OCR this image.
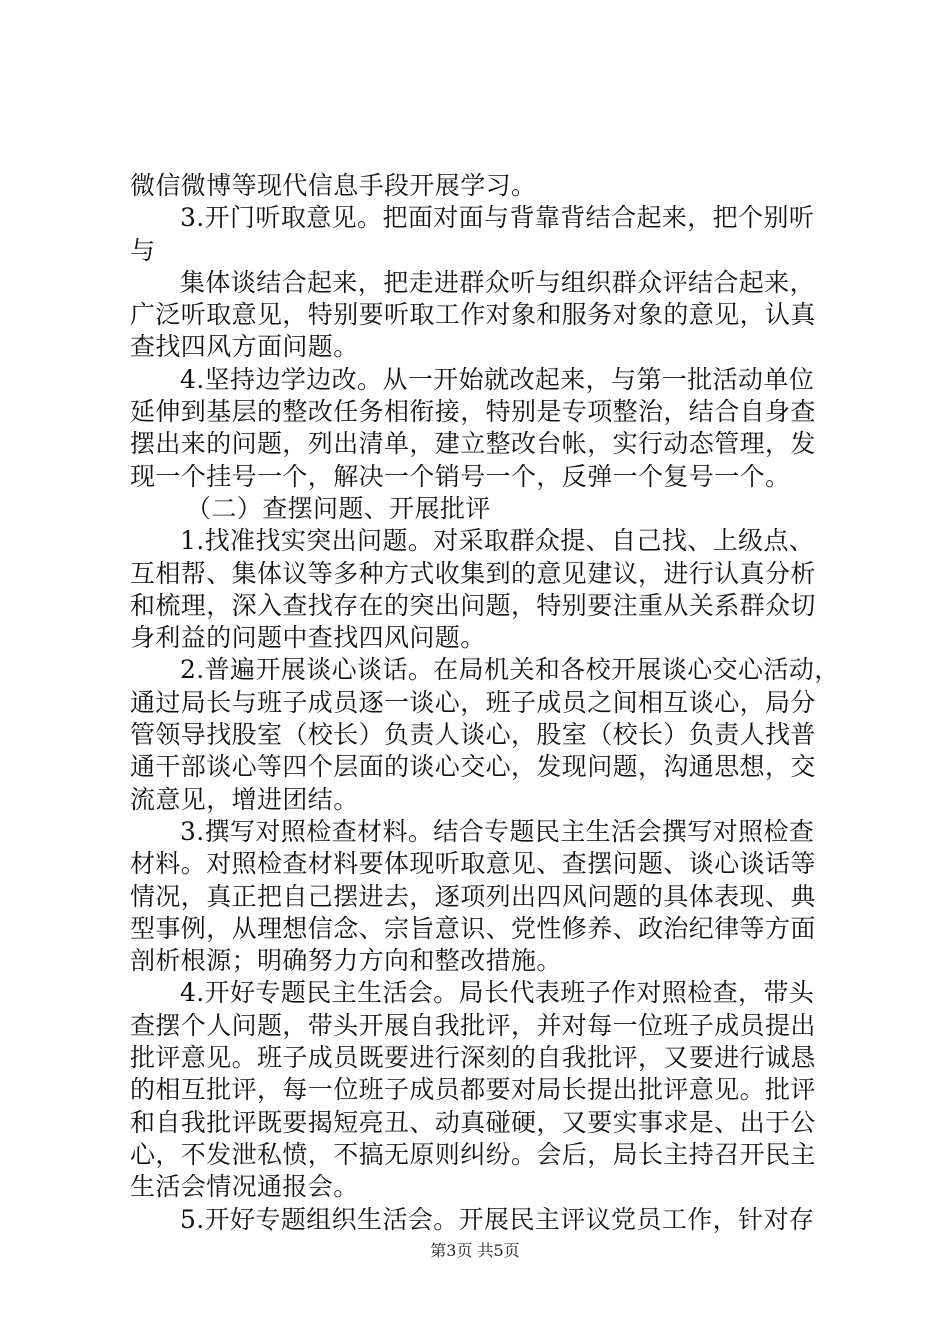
微信微博等现代信息手段开展学习。
3.开门听取意见。把面对面与背靠背结合起来，把个别听
与
集体谈结合起来，把走进群众听与组织群众评结合起来，
广泛听取意见，特别要听取工作对象和服务对象的意见，认真
查找四风方面问题。
4.坚持边学边改。从一开始就改起来，与第一批活动单位
延伸到基层的整改任务相衔接，特别是专项整治，结合自身查
摆出来的问题，列出清单，建立整改台帐，实行动态管理，发
现一个挂号一个，解决一个销号一个，反弹一个复号一个。
（二）查摆问题、开展批评
1.找准找实突出问题。对采取群众提、自己找、上级点、
互相帮、集体议等多种方式收集到的意见建议，进行认真分析
和梳理，深入查找存在的突出问题，特别要注重从关系群众切
身利益的问题中查找四风问题。
2.普遍开展谈心谈话。在局机关和各校开展谈心交心活动，
通过局长与班子成员逐一谈心，班子成员之间相互谈心，局分
管领导找股室（校长）负责人谈心，股室（校长）负责人找普
通干部谈心等四个层面的谈心交心，发现问题，沟通思想，交
流意见，增进团结。
3.撰写对照检查材料。结合专题民主生活会撰写对照检查
材料。对照检查材料要体现听取意见、查摆问题、谈心谈话等
情况，真正把自己摆进去，逐项列出四风问题的具体表现、典
型事例，从理想信念、宗旨意识、党性修养、政治纪律等方面
剖析根源；明确努力方向和整改措施。
4.开好专题民主生活会。局长代表班子作对照检查，带头
查摆个人问题，带头开展自我批评，并对每一位班子成员提出
批评意见。班子成员既要进行深刻的自我批评，又要进行诚恳
的相互批评，每一位班子成员都要对局长提出批评意见。批评
和自我批评既要揭短亮丑、动真碰硬，又要实事求是、出于公
心，不发泄私愤，不搞无原则纠纷。会后，局长主持召开民主
生活会情况通报会。
5.开好专题组织生活会。开展民主评议党员工作，针对存
第3页 共5页
